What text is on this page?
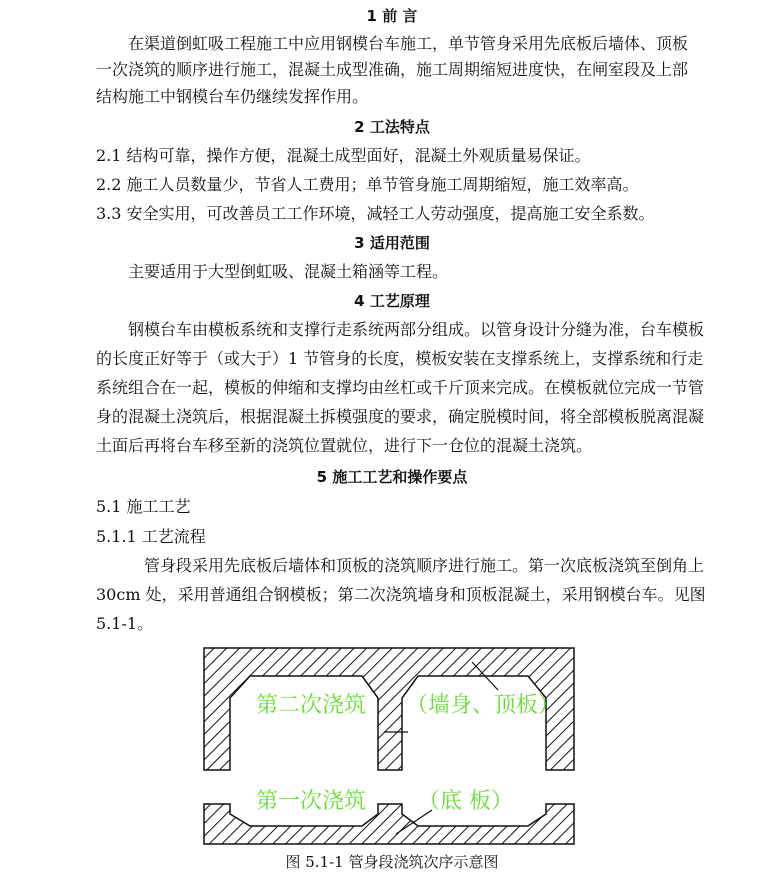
1 前 言
在渠道倒虹吸工程施工中应用钢模台车施工，单节管身采用先底板后墙体、顶板
一次浇筑的顺序进行施工，混凝土成型准确，施工周期缩短进度快，在闸室段及上部
结构施工中钢模台车仍继续发挥作用。
2 工法特点
2.1 结构可靠，操作方便，混凝土成型面好，混凝土外观质量易保证。
2.2 施工人员数量少，节省人工费用；单节管身施工周期缩短，施工效率高。
3.3 安全实用，可改善员工工作环境，减轻工人劳动强度，提高施工安全系数。
3 适用范围
主要适用于大型倒虹吸、混凝土箱涵等工程。
4 工艺原理
钢模台车由模板系统和支撑行走系统两部分组成。以管身设计分缝为准，台车模板
的长度正好等于（或大于）1 节管身的长度，模板安装在支撑系统上，支撑系统和行走
系统组合在一起，模板的伸缩和支撑均由丝杠或千斤顶来完成。在模板就位完成一节管
身的混凝土浇筑后，根据混凝土拆模强度的要求，确定脱模时间，将全部模板脱离混凝
土面后再将台车移至新的浇筑位置就位，进行下一仓位的混凝土浇筑。
5 施工工艺和操作要点
5.1 施工工艺
5.1.1 工艺流程
管身段采用先底板后墙体和顶板的浇筑顺序进行施工。第一次底板浇筑至倒角上
30cm 处，采用普通组合钢模板；第二次浇筑墙身和顶板混凝土，采用钢模台车。见图
5.1-1。
第二次浇筑 （墙身、顶板）
第一次浇筑 （底 板）
图 5.1-1 管身段浇筑次序示意图
